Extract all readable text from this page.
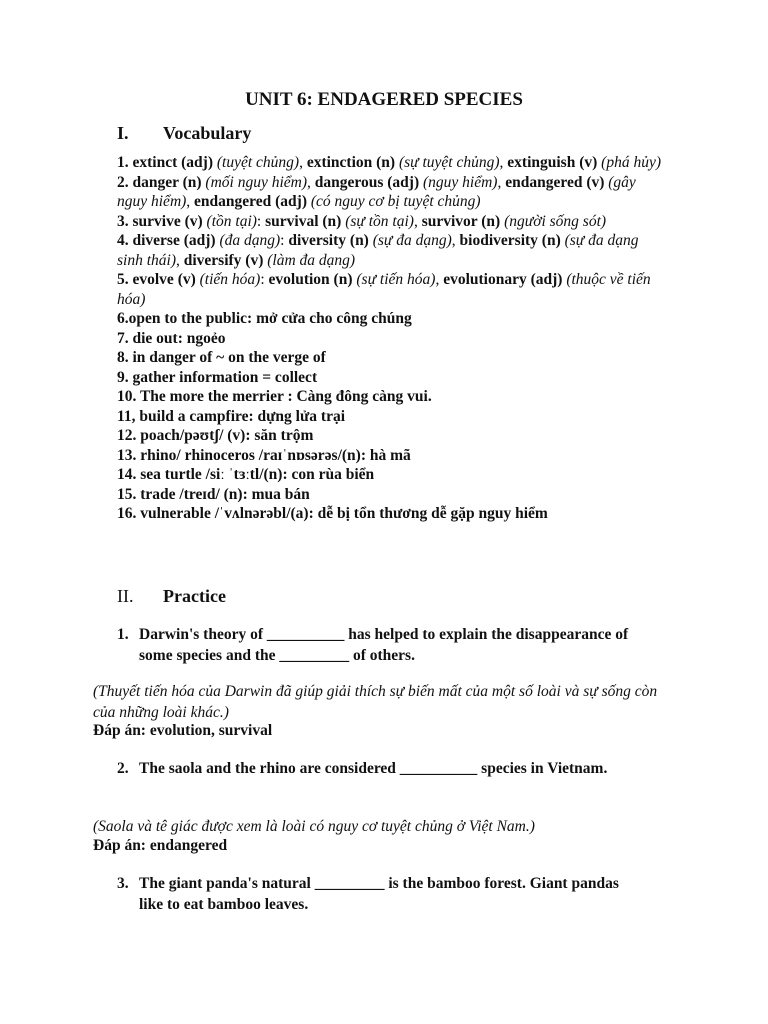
UNIT 6: ENDAGERED SPECIES
I. Vocabulary

1. extinct (adj) (tuyệt chủng), extinction (n) (sự tuyệt chủng), extinguish (v) (phá hủy)

2. danger (n) (mối nguy hiểm), dangerous (adj) (nguy hiểm), endangered (v) (gây nguy hiểm), endangered (adj) (có nguy cơ bị tuyệt chủng)

3. survive (v) (tồn tại): survival (n) (sự tồn tại), survivor (n) (người sống sót)

4. diverse (adj) (đa dạng): diversity (n) (sự đa dạng), biodiversity (n) (sự đa dạng sinh thái), diversify (v) (làm đa dạng)

5. evolve (v) (tiến hóa): evolution (n) (sự tiến hóa), evolutionary (adj) (thuộc về tiến hóa)

6.open to the public: mở cửa cho công chúng

7. die out: ngoẻo

8. in danger of ~ on the verge of

9. gather information = collect

10. The more the merrier : Càng đông càng vui.

11, build a campfire: dựng lửa trại

12. poach/pəʊtʃ/ (v): săn trộm

13. rhino/ rhinoceros /raɪˈnɒsərəs/(n): hà mã

14. sea turtle /siː ˈtɜːtl/(n): con rùa biển

15. trade /treɪd/ (n): mua bán

16. vulnerable /ˈvʌlnərəbl/(a): dễ bị tổn thương dễ gặp nguy hiểm

II. Practice
1. Darwin's theory of __________ has helped to explain the disappearance of some species and the _________ of others.
(Thuyết tiến hóa của Darwin đã giúp giải thích sự biến mất của một số loài và sự sống còn của những loài khác.)
Đáp án: evolution, survival
2. The saola and the rhino are considered __________ species in Vietnam.
(Saola và tê giác được xem là loài có nguy cơ tuyệt chủng ở Việt Nam.)
Đáp án: endangered
3. The giant panda's natural _________ is the bamboo forest. Giant pandas like to eat bamboo leaves.
